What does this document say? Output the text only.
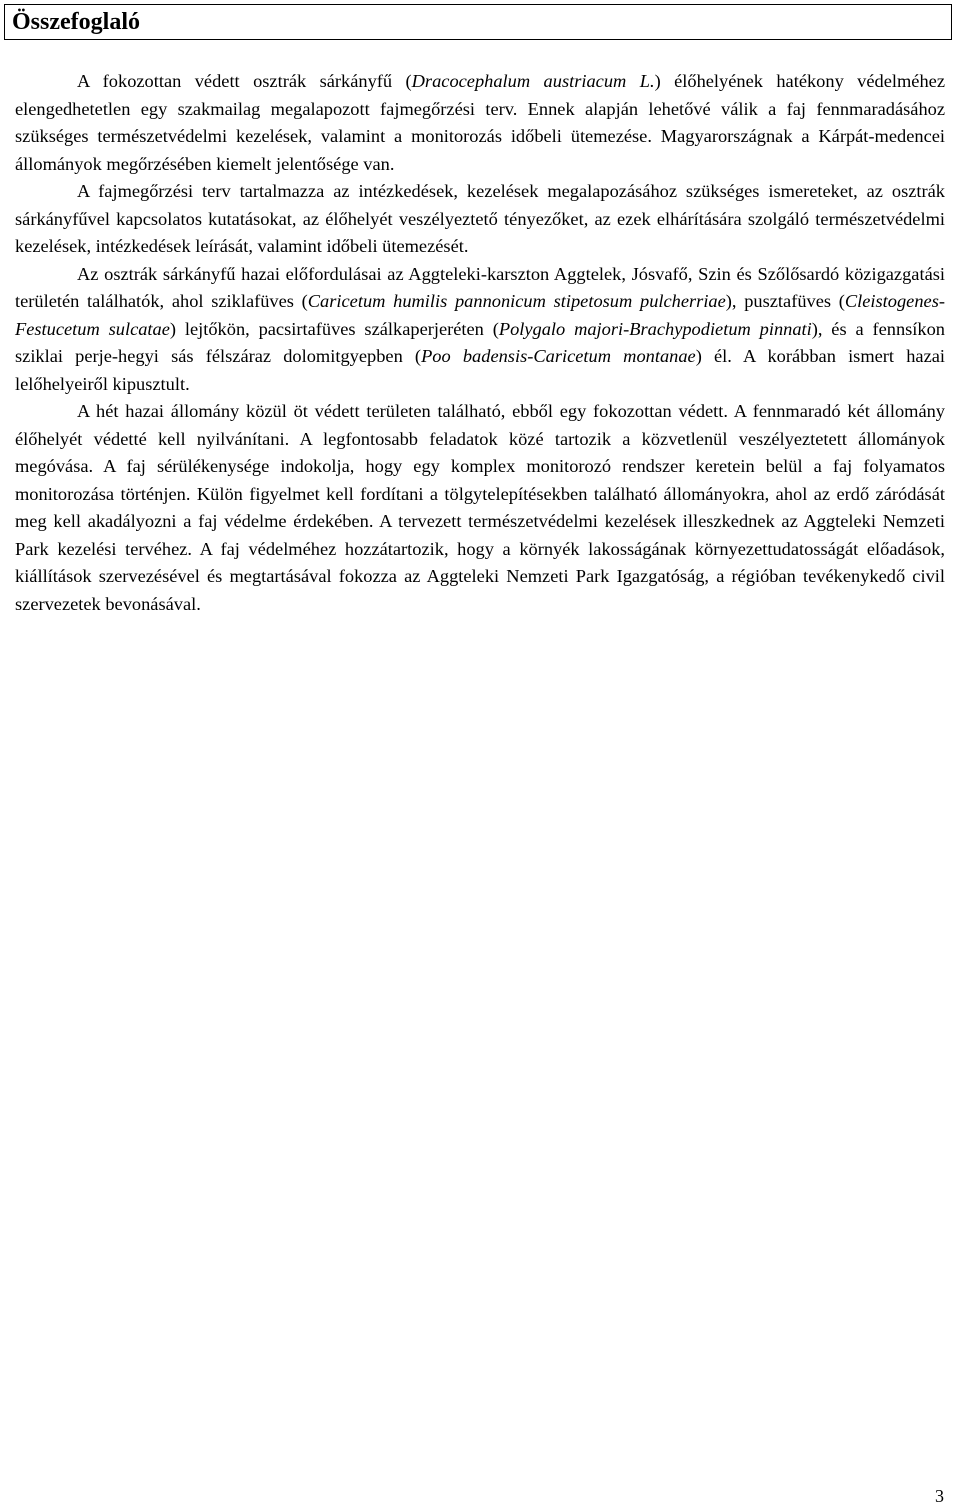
Összefoglaló

A fokozottan védett osztrák sárkányfű (Dracocephalum austriacum L.) élőhelyének hatékony védelméhez elengedhetetlen egy szakmailag megalapozott fajmegőrzési terv. Ennek alapján lehetővé válik a faj fennmaradásához szükséges természetvédelmi kezelések, valamint a monitorozás időbeli ütemezése. Magyarországnak a Kárpát-medencei állományok megőrzésében kiemelt jelentősége van.

A fajmegőrzési terv tartalmazza az intézkedések, kezelések megalapozásához szükséges ismereteket, az osztrák sárkányfűvel kapcsolatos kutatásokat, az élőhelyét veszélyeztető tényezőket, az ezek elhárítására szolgáló természetvédelmi kezelések, intézkedések leírását, valamint időbeli ütemezését.

Az osztrák sárkányfű hazai előfordulásai az Aggteleki-karszton Aggtelek, Jósvafő, Szin és Szőlősardó közigazgatási területén találhatók, ahol sziklafüves (Caricetum humilis pannonicum stipetosum pulcherriae), pusztafüves (Cleistogenes-Festucetum sulcatae) lejtőkön, pacsirtafüves szálkaperjeréten (Polygalo majori-Brachypodietum pinnati), és a fennsíkon sziklai perje-hegyi sás félszáraz dolomitgyepben (Poo badensis-Caricetum montanae) él. A korábban ismert hazai lelőhelyeiről kipusztult.

A hét hazai állomány közül öt védett területen található, ebből egy fokozottan védett. A fennmaradó két állomány élőhelyét védetté kell nyilvánítani. A legfontosabb feladatok közé tartozik a közvetlenül veszélyeztetett állományok megóvása. A faj sérülékenysége indokolja, hogy egy komplex monitorozó rendszer keretein belül a faj folyamatos monitorozása történjen. Külön figyelmet kell fordítani a tölgytelepítésekben található állományokra, ahol az erdő záródását meg kell akadályozni a faj védelme érdekében. A tervezett természetvédelmi kezelések illeszkednek az Aggteleki Nemzeti Park kezelési tervéhez. A faj védelméhez hozzátartozik, hogy a környék lakosságának környezettudatosságát előadások, kiállítások szervezésével és megtartásával fokozza az Aggteleki Nemzeti Park Igazgatóság, a régióban tevékenykedő civil szervezetek bevonásával.

3
